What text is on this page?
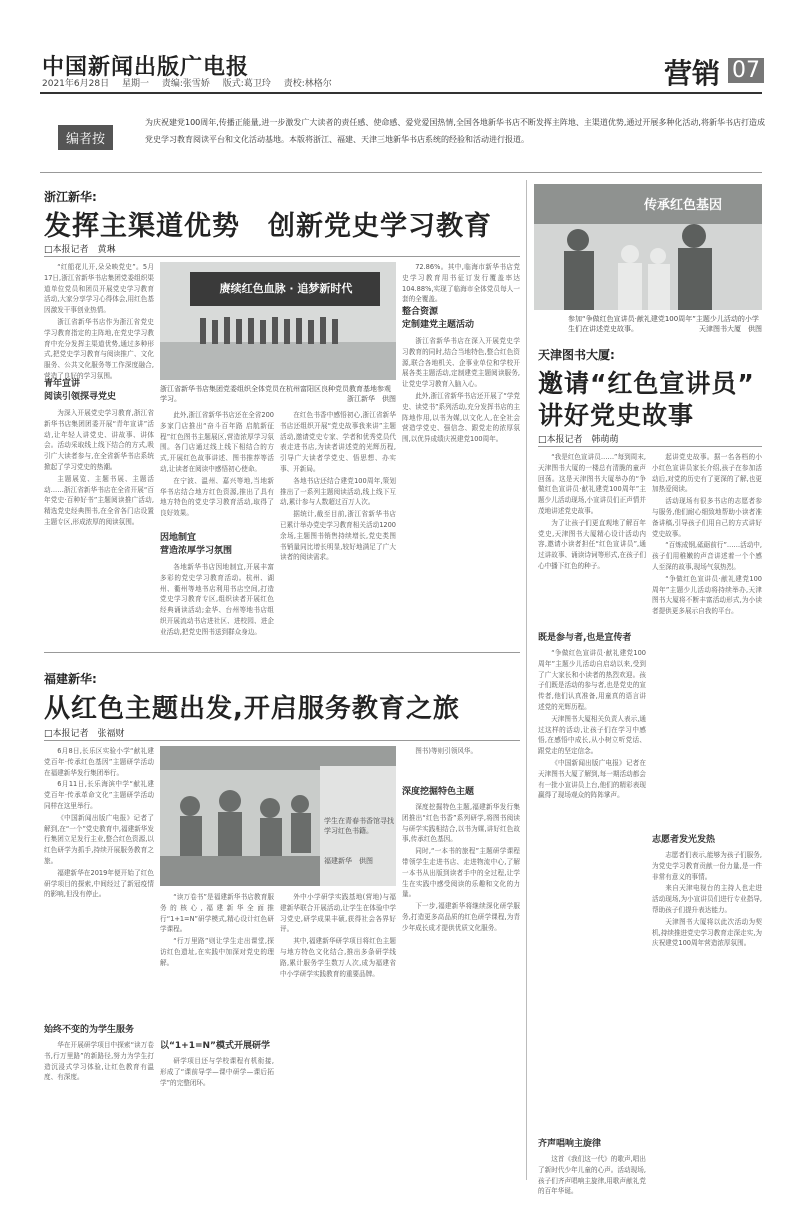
中国新闻出版广电报
2021年6月28日 星期一 责编:张雪娇 版式:葛卫玲 责校:林格尔	营销 07
编者按
为庆祝建党100周年,传播正能量,进一步激发广大读者的责任感、使命感、爱党爱国热情,全国各地新华书店不断发挥主阵地、主渠道优势,通过开展多种化活动,将新华书店打造成党史学习教育阅读平台和文化活动基地。本版将浙江、福建、天津三地新华书店系统的经验和活动进行报道。
浙江新华:
发挥主渠道优势　创新党史学习教育
□本报记者　黄琳

“红船花儿开,朵朵映党史”。5月17日,浙江省新华书店集团党委组织渠道单位党员和团员开展党史学习教育活动,大家分享学习心得体会,用红色基因激发干事创业热情。

浙江省新华书店作为浙江省党史学习教育指定的主阵地,在党史学习教育中充分发挥主渠道优势,通过多种形式,把党史学习教育与阅读推广、文化服务、公共文化服务等工作深度融合,营造了良好的学习氛围。

青年宣讲
阅读引领探寻党史

为深入开展党史学习教育,浙江省新华书店集团团委开展“青年宣讲”活动,让年轻人讲党史、讲故事、讲体会。活动采取线上线下结合的方式,吸引广大读者参与,在全省新华书店系统掀起了学习党史的热潮。

主题展览、主题书展、主题活动……浙江省新华书店在全省开展“百年党史·百种好书”主题阅读推广活动,精选党史经典图书,在全省各门店设置主题专区,形成浓厚的阅读氛围。

赓续红色血脉 · 追梦新时代
浙江省新华书店集团党委组织全体党员在杭州富阳区良种党员教育基地参观学习。	浙江新华　供图

此外,浙江省新华书店还在全省200多家门店推出“奋斗百年路 启航新征程”红色图书主题展区,营造浓厚学习氛围。各门店通过线上线下相结合的方式,开展红色故事讲述、图书推荐等活动,让读者在阅读中感悟初心使命。

在宁波、温州、嘉兴等地,当地新华书店结合地方红色资源,推出了具有地方特色的党史学习教育活动,取得了良好效果。

因地制宜
营造浓厚学习氛围

各地新华书店因地制宜,开展丰富多彩的党史学习教育活动。杭州、湖州、衢州等地书店利用书店空间,打造党史学习教育专区,组织读者开展红色经典诵读活动;金华、台州等地书店组织开展流动书店进社区、进校园、进企业活动,把党史图书送到群众身边。

在红色书香中感悟初心,浙江省新华书店还组织开展“党史故事我来讲”主题活动,邀请党史专家、学者和优秀党员代表走进书店,为读者讲述党的光辉历程,引导广大读者学党史、悟思想、办实事、开新局。

各地书店还结合建党100周年,策划推出了一系列主题阅读活动,线上线下互动,累计参与人数超过百万人次。

据统计,截至目前,浙江省新华书店已累计举办党史学习教育相关活动1200余场,主题图书销售持续增长,党史类图书销量同比增长明显,较好地满足了广大读者的阅读需求。

72.86%。其中,临海市新华书店党史学习教育用书征订发行覆盖率达104.88%,实现了临海市全体党员每人一套的全覆盖。

整合资源
定制建党主题活动

浙江省新华书店在深入开展党史学习教育的同时,结合当地特色,整合红色资源,联合各地机关、企事业单位和学校开展各类主题活动,定制建党主题阅读服务,让党史学习教育入脑入心。

此外,浙江省新华书店还开展了“学党史、读党书”系列活动,充分发挥书店的主阵地作用,以书为媒,以文化人,在全社会营造学党史、强信念、跟党走的浓厚氛围,以优异成绩庆祝建党100周年。

福建新华:
从红色主题出发,开启服务教育之旅
□本报记者　张福财

6月8日,长乐区实验小学“献礼建党百年·传承红色基因”主题研学活动在福建新华发行集团举行。

6月11日,长乐海滨中学“献礼建党百年·传承革命文化”主题研学活动同样在这里举行。

《中国新闻出版广电报》记者了解到,在“一个”党史教育中,福建新华发行集团立足发行主业,整合红色资源,以红色研学为抓手,持续开展服务教育之旅。

福建新华在2019年便开始了红色研学项目的探索,中间经过了新冠疫情的影响,但没有停止。

始终不变的为学生服务

华在开展研学项目中探索“读万卷书,行万里路”的新路径,努力为学生打造沉浸式学习体验,让红色教育有温度、有深度。

学生在青春书香馆寻找学习红色书籍。
福建新华　供图

“读万卷书”是福建新华书店教育服务的核心,福建新华全面推行“1+1=N”研学模式,精心设计红色研学课程。

“行万里路”则让学生走出课堂,探访红色遗址,在实践中加深对党史的理解。

以“1+1=N”模式开展研学

研学项目还与学校课程有机衔接,形成了“课前导学—课中研学—课后拓学”的完整闭环。

外中小学研学实践基地(营地)与福建新华联合开展活动,让学生在体验中学习党史,研学成果丰硕,获得社会各界好评。

其中,福建新华研学项目将红色主题与地方特色文化结合,推出多条研学线路,累计服务学生数万人次,成为福建省中小学研学实践教育的重要品牌。

图书)等则引领风华。

深度挖掘特色主题

深度挖掘特色主题,福建新华发行集团推出“红色书香”系列研学,将图书阅读与研学实践相结合,以书为媒,讲好红色故事,传承红色基因。

同时,“一本书的旅程”主题研学课程带领学生走进书店、走进物流中心,了解一本书从出版到读者手中的全过程,让学生在实践中感受阅读的乐趣和文化的力量。

下一步,福建新华将继续深化研学服务,打造更多高品质的红色研学课程,为青少年成长成才提供优质文化服务。

传承红色基因
参加“争做红色宣讲员·献礼建党100周年”主题少儿活动的小学生们在讲述党史故事。	天津图书大厦　供图
天津图书大厦:
邀请“红色宣讲员”
讲好党史故事
□本报记者　韩萌萌

“我是红色宣讲员……”每到周末,天津图书大厦的一楼总有清脆的童声回荡。这是天津图书大厦举办的“争做红色宣讲员·献礼建党100周年”主题少儿活动现场,小宣讲员们正声情并茂地讲述党史故事。

为了让孩子们更直观地了解百年党史,天津图书大厦精心设计活动内容,邀请小读者担任“红色宣讲员”,通过讲故事、诵读诗词等形式,在孩子们心中播下红色的种子。

既是参与者,也是宣传者

“争做红色宣讲员·献礼建党100周年”主题少儿活动自启动以来,受到了广大家长和小读者的热烈欢迎。孩子们既是活动的参与者,也是党史的宣传者,他们认真准备,用童真的语言讲述党的光辉历程。

天津图书大厦相关负责人表示,通过这样的活动,让孩子们在学习中感悟,在感悟中成长,从小树立听党话、跟党走的坚定信念。

《中国新闻出版广电报》记者在天津图书大厦了解到,每一期活动都会有一批小宣讲员上台,他们的精彩表现赢得了现场观众的阵阵掌声。

齐声唱响主旋律

这首《我们这一代》的歌声,唱出了新时代少年儿童的心声。活动现场,孩子们齐声唱响主旋律,用歌声献礼党的百年华诞。

起讲党史故事。据一名各档的小小红色宣讲员家长介绍,孩子在参加活动后,对党的历史有了更深的了解,也更加热爱阅读。

活动现场有很多书店的志愿者参与服务,他们耐心细致地帮助小读者准备讲稿,引导孩子们用自己的方式讲好党史故事。

“百炼成钢,砥砺前行”……活动中,孩子们用稚嫩的声音讲述着一个个感人至深的故事,现场气氛热烈。

“争做红色宣讲员·献礼建党100周年”主题少儿活动将持续举办,天津图书大厦将不断丰富活动形式,为小读者提供更多展示自我的平台。

志愿者发光发热

志愿者们表示,能够为孩子们服务,为党史学习教育贡献一份力量,是一件非常有意义的事情。

来自天津电视台的主持人也走进活动现场,为小宣讲员们进行专业指导,帮助孩子们提升表达能力。

天津图书大厦将以此次活动为契机,持续推进党史学习教育走深走实,为庆祝建党100周年营造浓厚氛围。
